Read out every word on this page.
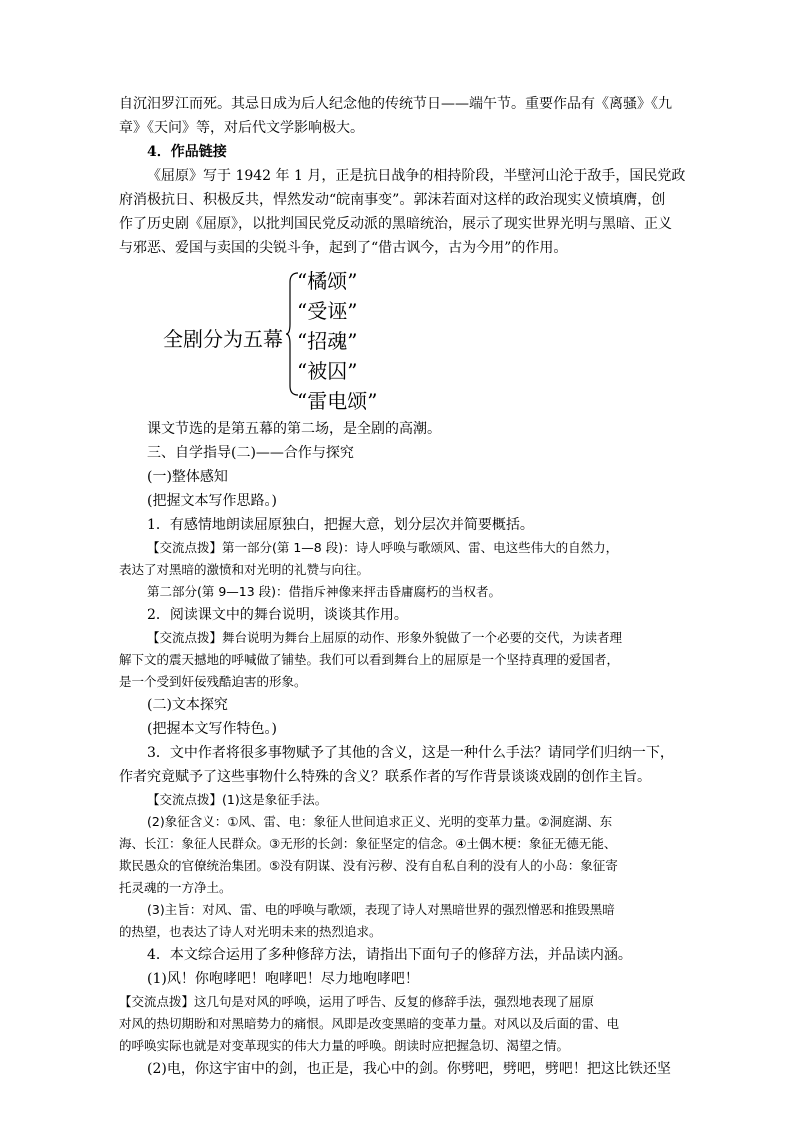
自沉汨罗江而死。其忌日成为后人纪念他的传统节日——端午节。重要作品有《离骚》《九

章》《天问》等，对后代文学影响极大。

4．作品链接

《屈原》写于 1942 年 1 月，正是抗日战争的相持阶段，半壁河山沦于敌手，国民党政

府消极抗日、积极反共，悍然发动“皖南事变”。郭沫若面对这样的政治现实义愤填膺，创

作了历史剧《屈原》，以批判国民党反动派的黑暗统治，展示了现实世界光明与黑暗、正义

与邪恶、爱国与卖国的尖锐斗争，起到了“借古讽今，古为今用”的作用。

全剧分为五幕
“橘颂”
“受诬”
“招魂”
“被囚”
“雷电颂”

课文节选的是第五幕的第二场，是全剧的高潮。

三、自学指导(二)——合作与探究

(一)整体感知

(把握文本写作思路。)

1．有感情地朗读屈原独白，把握大意，划分层次并简要概括。

【交流点拨】第一部分(第 1—8 段)：诗人呼唤与歌颂风、雷、电这些伟大的自然力，

表达了对黑暗的激愤和对光明的礼赞与向往。

第二部分(第 9—13 段)：借指斥神像来抨击昏庸腐朽的当权者。

2．阅读课文中的舞台说明，谈谈其作用。

【交流点拨】舞台说明为舞台上屈原的动作、形象外貌做了一个必要的交代，为读者理

解下文的震天撼地的呼喊做了铺垫。我们可以看到舞台上的屈原是一个坚持真理的爱国者，

是一个受到奸佞残酷迫害的形象。

(二)文本探究

(把握本文写作特色。)

3．文中作者将很多事物赋予了其他的含义，这是一种什么手法？请同学们归纳一下，

作者究竟赋予了这些事物什么特殊的含义？联系作者的写作背景谈谈戏剧的创作主旨。

【交流点拨】(1)这是象征手法。

(2)象征含义：①风、雷、电：象征人世间追求正义、光明的变革力量。②洞庭湖、东

海、长江：象征人民群众。③无形的长剑：象征坚定的信念。④土偶木梗：象征无德无能、

欺民愚众的官僚统治集团。⑤没有阴谋、没有污秽、没有自私自利的没有人的小岛：象征寄

托灵魂的一方净土。

(3)主旨：对风、雷、电的呼唤与歌颂，表现了诗人对黑暗世界的强烈憎恶和推毁黑暗

的热望，也表达了诗人对光明未来的热烈追求。

4．本文综合运用了多种修辞方法，请指出下面句子的修辞方法，并品读内涵。

(1)风！你咆哮吧！咆哮吧！尽力地咆哮吧！

【交流点拨】这几句是对风的呼唤，运用了呼告、反复的修辞手法，强烈地表现了屈原

对风的热切期盼和对黑暗势力的痛恨。风即是改变黑暗的变革力量。对风以及后面的雷、电

的呼唤实际也就是对变革现实的伟大力量的呼唤。朗读时应把握急切、渴望之情。

(2)电，你这宇宙中的剑，也正是，我心中的剑。你劈吧，劈吧，劈吧！把这比铁还坚
